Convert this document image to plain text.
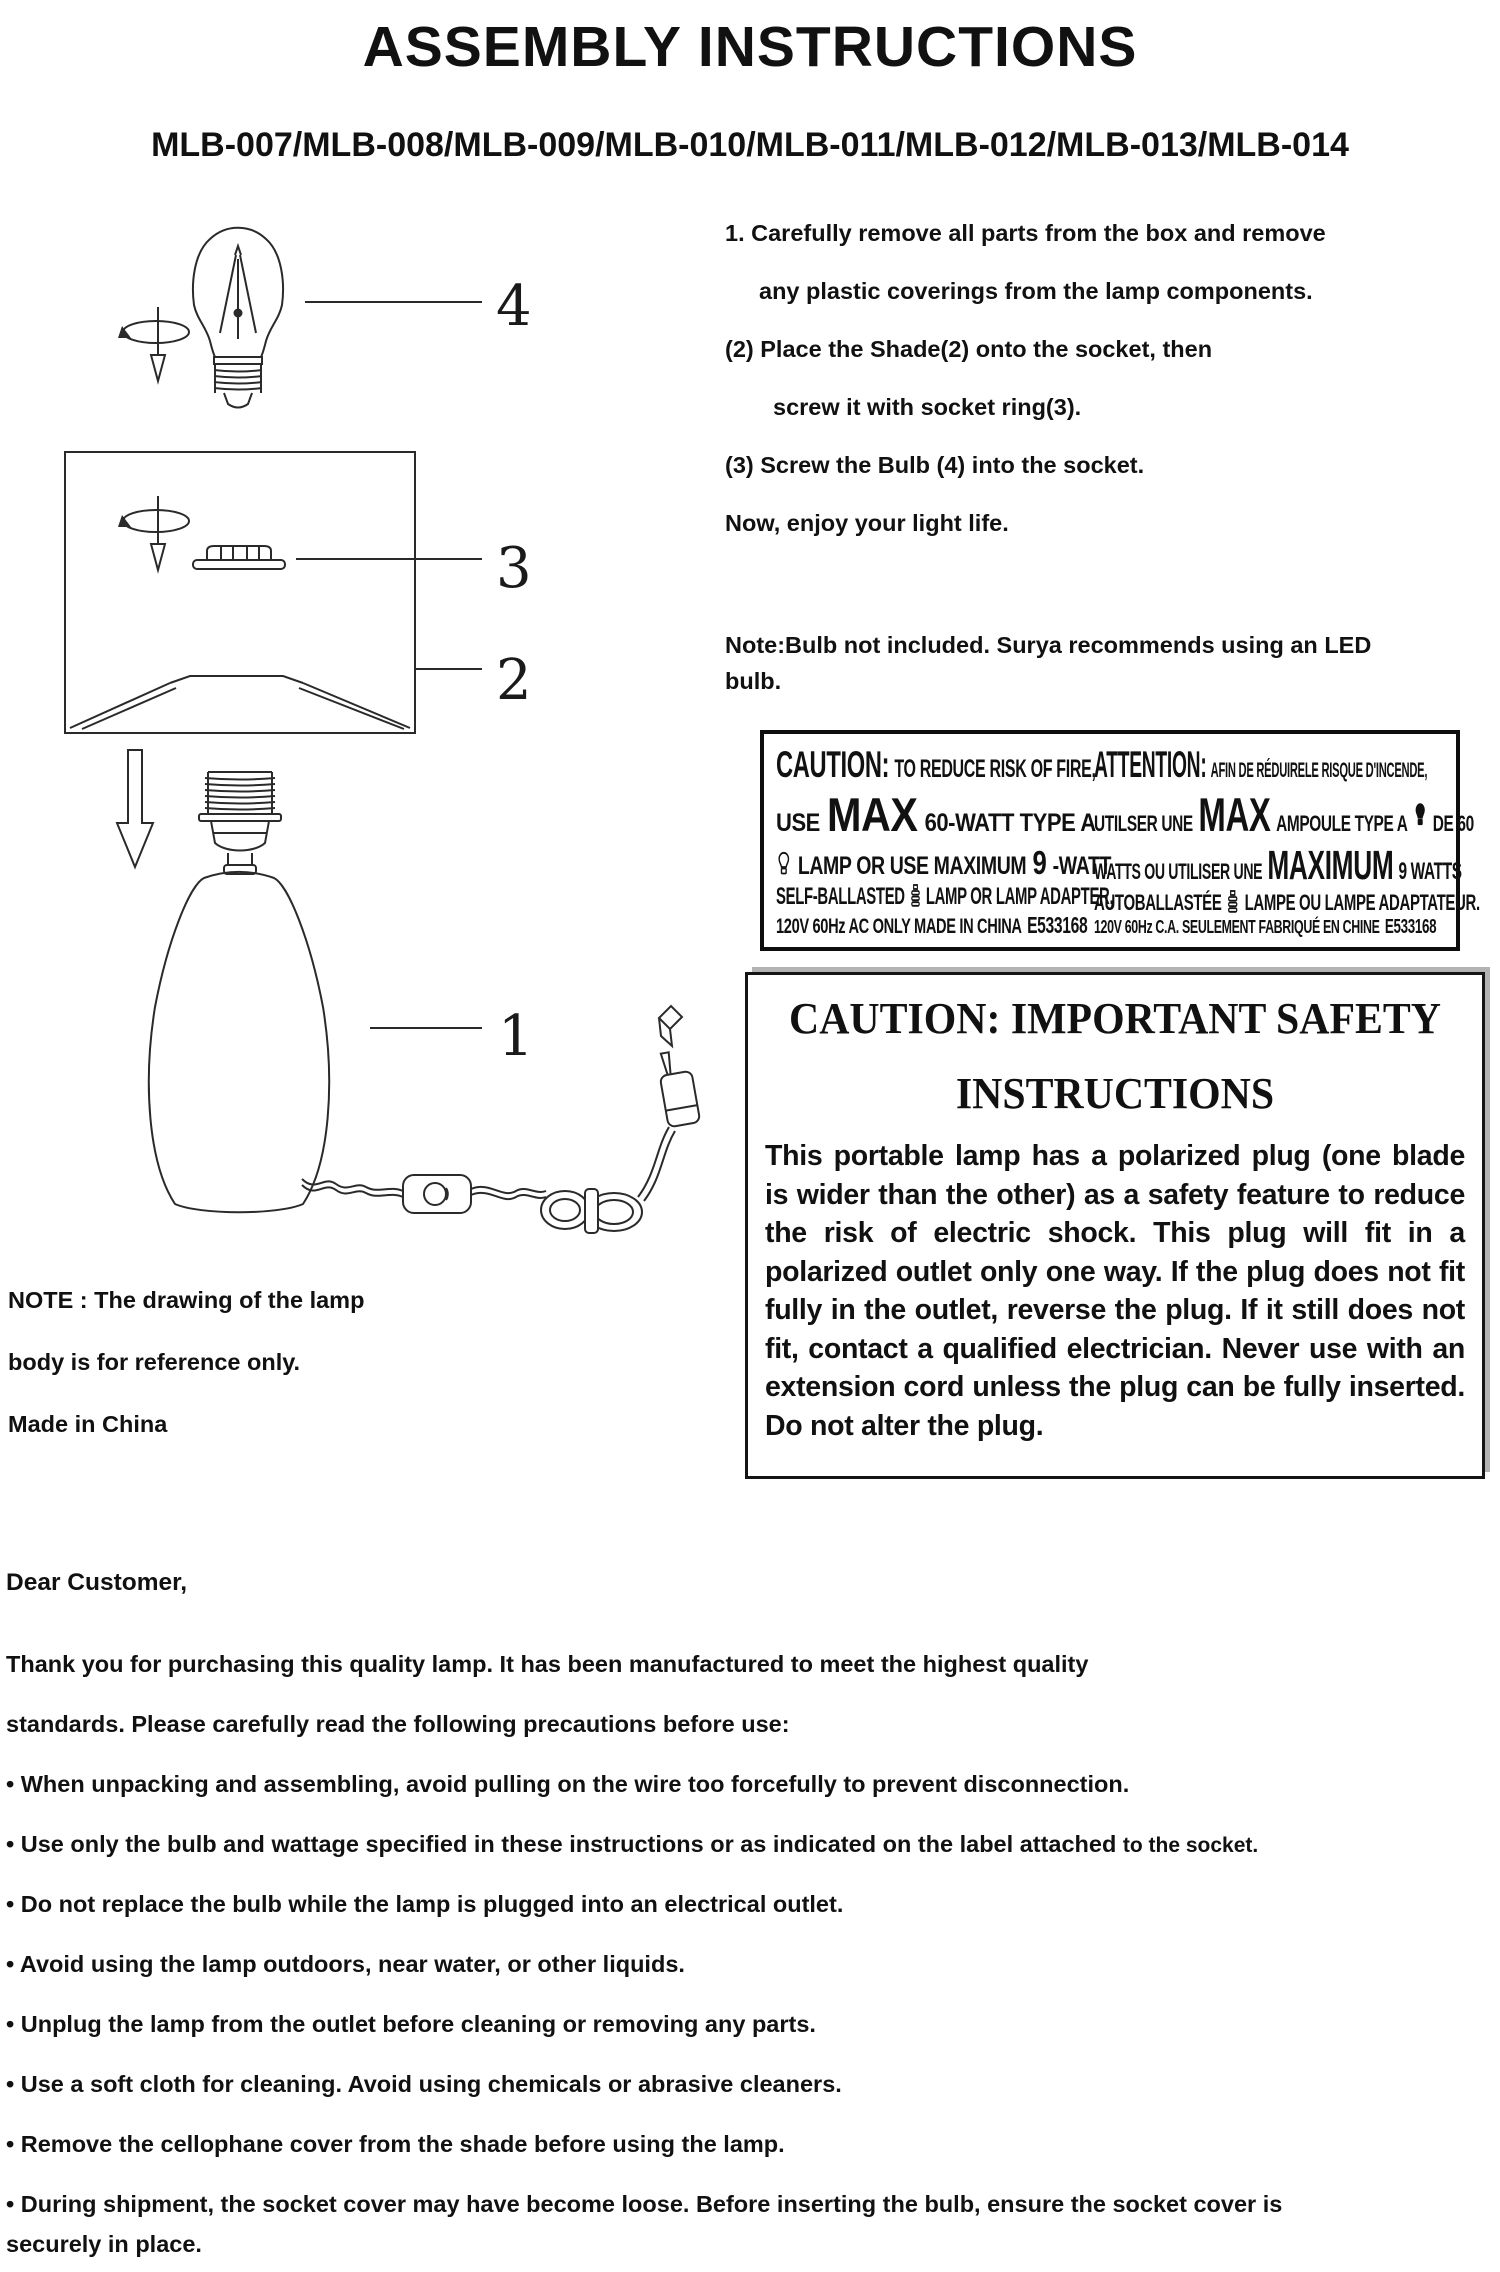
ASSEMBLY INSTRUCTIONS
MLB-007/MLB-008/MLB-009/MLB-010/MLB-011/MLB-012/MLB-013/MLB-014
4
3
2
1
1. Carefully remove all parts from the box and remove
any plastic coverings from the lamp components.
(2) Place the Shade(2) onto the socket, then
screw it with socket ring(3).
(3) Screw the Bulb (4) into the socket.
Now, enjoy your light life.
Note:Bulb not included. Surya recommends using an LED
bulb.
CAUTION: TO REDUCE RISK OF FIRE,
USE MAX 60-WATT TYPE A
LAMP OR USE MAXIMUM 9 -WATT
SELF-BALLASTED LAMP OR LAMP ADAPTER,
120V 60Hz AC ONLY MADE IN CHINA E533168
ATTENTION: AFIN DE RÉDUIRELE RISQUE D'INCENDE,
UTILSER UNE MAX AMPOULE TYPE A DE 60
WATTS OU UTILISER UNE MAXIMUM 9 WATTS
AUTOBALLASTÉE LAMPE OU LAMPE ADAPTATEUR.
120V 60Hz C.A. SEULEMENT FABRIQUÉ EN CHINE E533168
CAUTION: IMPORTANT SAFETY
INSTRUCTIONS

This portable lamp has a polarized plug (one blade is wider than the other) as a safety feature to reduce the risk of electric shock. This plug will fit in a polarized outlet only one way. If the plug does not fit fully in the outlet, reverse the plug. If it still does not fit, contact a qualified electrician. Never use with an extension cord unless the plug can be fully inserted. Do not alter the plug.

NOTE : The drawing of the lamp
body is for reference only.
Made in China
Dear Customer,
Thank you for purchasing this quality lamp. It has been manufactured to meet the highest quality
standards. Please carefully read the following precautions before use:
• When unpacking and assembling, avoid pulling on the wire too forcefully to prevent disconnection.
• Use only the bulb and wattage specified in these instructions or as indicated on the label attached to the socket.
• Do not replace the bulb while the lamp is plugged into an electrical outlet.
• Avoid using the lamp outdoors, near water, or other liquids.
• Unplug the lamp from the outlet before cleaning or removing any parts.
• Use a soft cloth for cleaning. Avoid using chemicals or abrasive cleaners.
• Remove the cellophane cover from the shade before using the lamp.
• During shipment, the socket cover may have become loose. Before inserting the bulb, ensure the socket cover is
securely in place.
